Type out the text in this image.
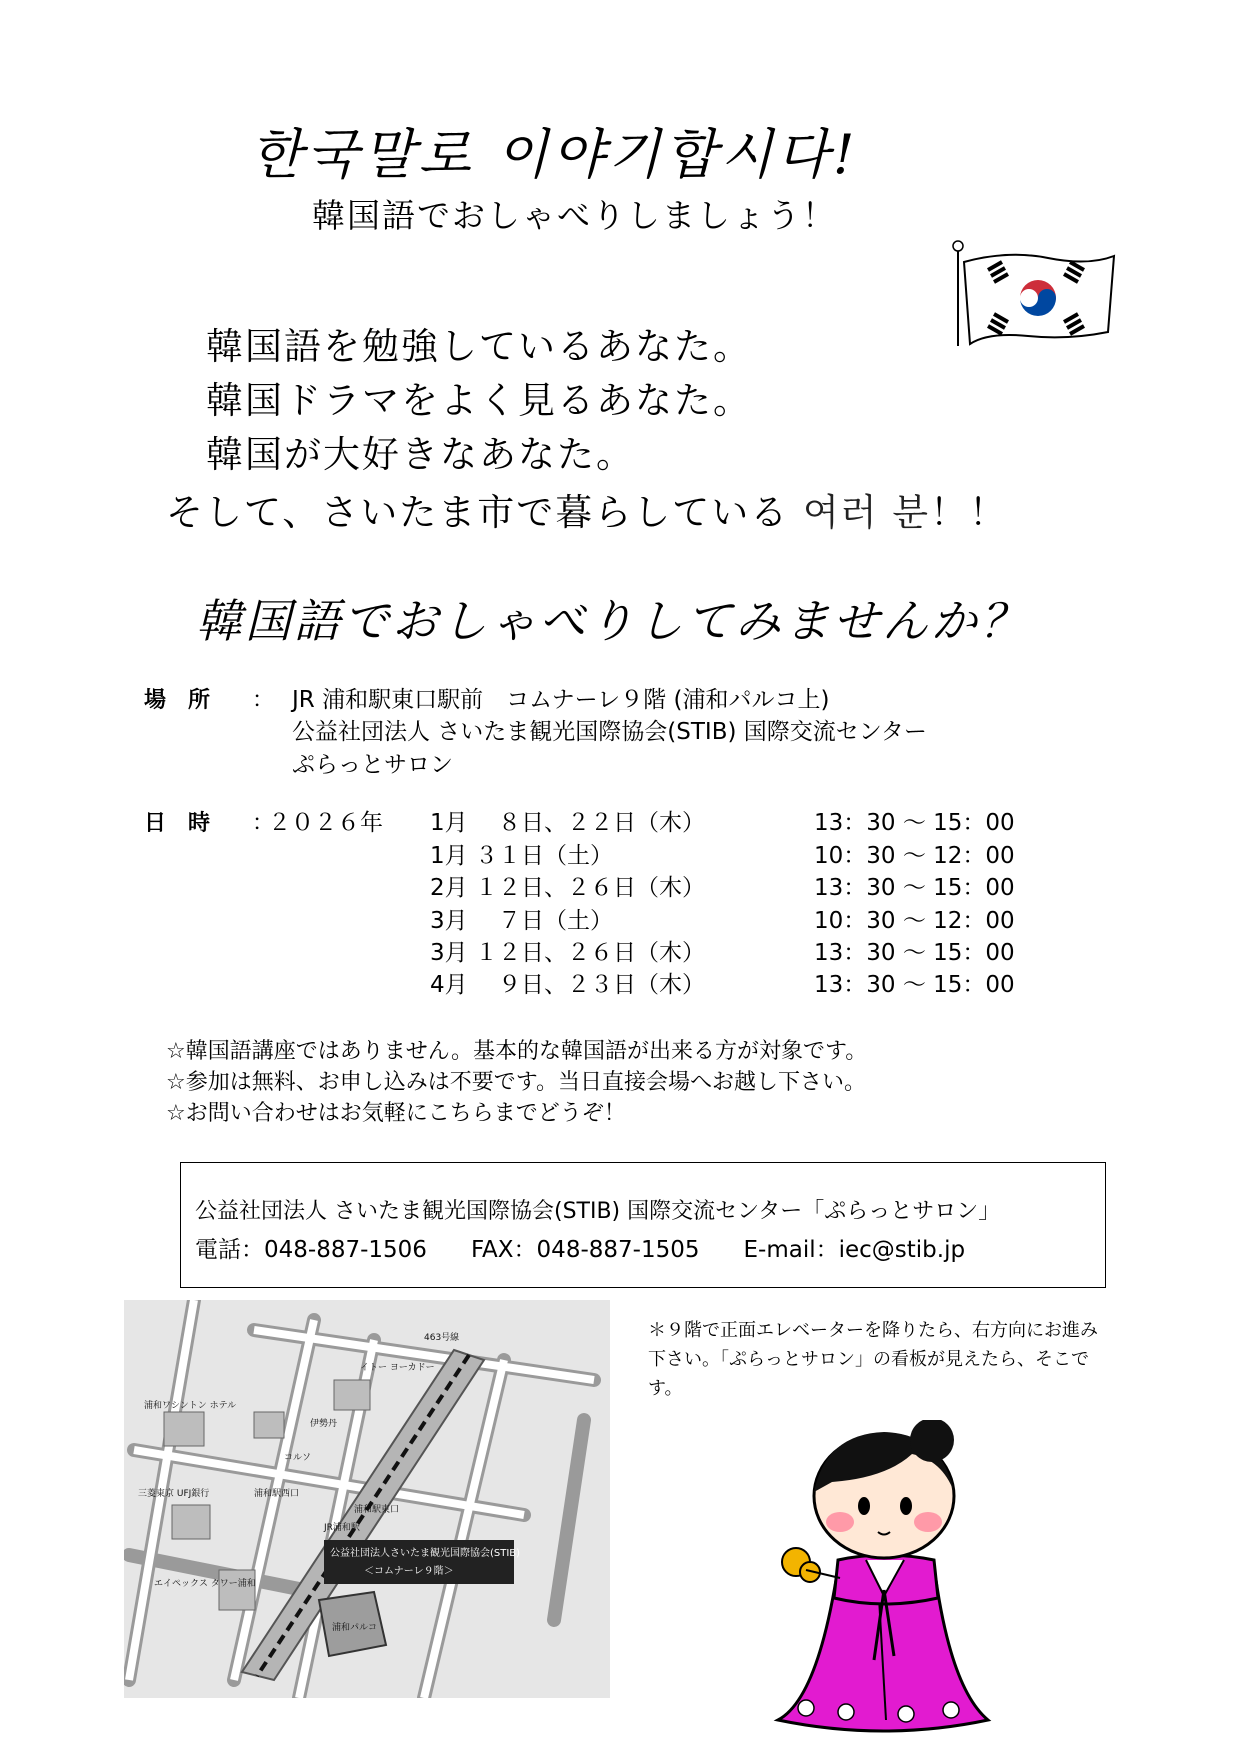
한국말로 이야기합시다!
韓国語でおしゃべりしましょう！
韓国語を勉強しているあなた。
韓国ドラマをよく見るあなた。
韓国が大好きなあなた。
そして、さいたま市で暮らしている 여러 분！！
韓国語でおしゃべりしてみませんか？
場所 ： JR 浦和駅東口駅前　コムナーレ９階 (浦和パルコ上)
公益社団法人 さいたま観光国際協会(STIB) 国際交流センター
ぷらっとサロン
日時 ：
２０２６年 1月　 ８日、２２日（木）	13：30 〜 15：00
1月 ３１日（土）	10：30 〜 12：00
2月 １２日、２６日（木）	13：30 〜 15：00
3月　 ７日（土）	10：30 〜 12：00
3月 １２日、２６日（木）	13：30 〜 15：00
4月　 ９日、２３日（木）	13：30 〜 15：00
☆韓国語講座ではありません。基本的な韓国語が出来る方が対象です。
☆参加は無料、お申し込みは不要です。当日直接会場へお越し下さい。
☆お問い合わせはお気軽にこちらまでどうぞ！
公益社団法人 さいたま観光国際協会(STIB) 国際交流センター「ぷらっとサロン」
電話：048-887-1506 FAX：048-887-1505 E-mail：iec@stib.jp
公益社団法人さいたま観光国際協会(STIB)
＜コムナーレ９階＞
イトー ヨーカドー
463号線
浦和ワシントン ホテル
三菱東京 UFJ銀行
伊勢丹
コルソ
浦和駅西口
浦和駅東口
JR浦和駅
エイペックス タワー浦和
浦和パルコ
＊９階で正面エレベーターを降りたら、右方向にお進み下さい。「ぷらっとサロン」の看板が見えたら、そこです。
